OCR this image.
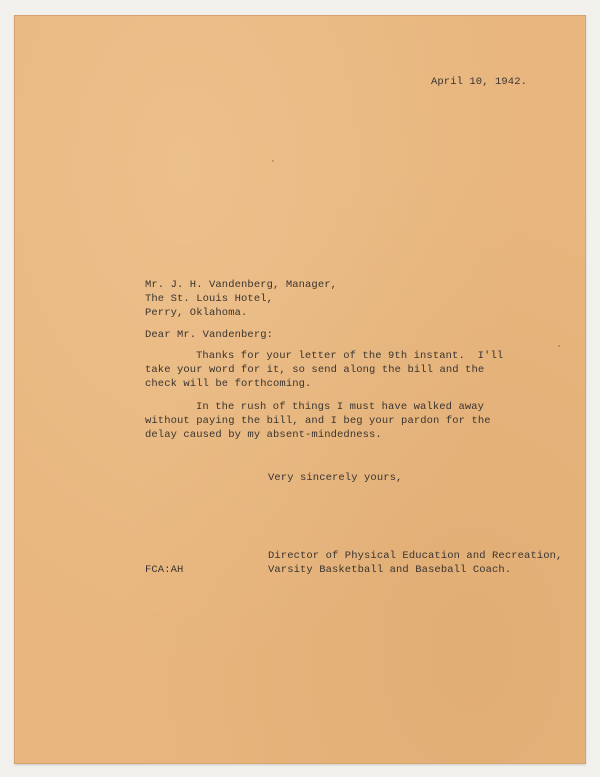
April 10, 1942.
Mr. J. H. Vandenberg, Manager,
The St. Louis Hotel,
Perry, Oklahoma.
Dear Mr. Vandenberg:
Thanks for your letter of the 9th instant.  I'll
take your word for it, so send along the bill and the
check will be forthcoming.
In the rush of things I must have walked away
without paying the bill, and I beg your pardon for the
delay caused by my absent-mindedness.
Very sincerely yours,
Director of Physical Education and Recreation,
Varsity Basketball and Baseball Coach.
FCA:AH
